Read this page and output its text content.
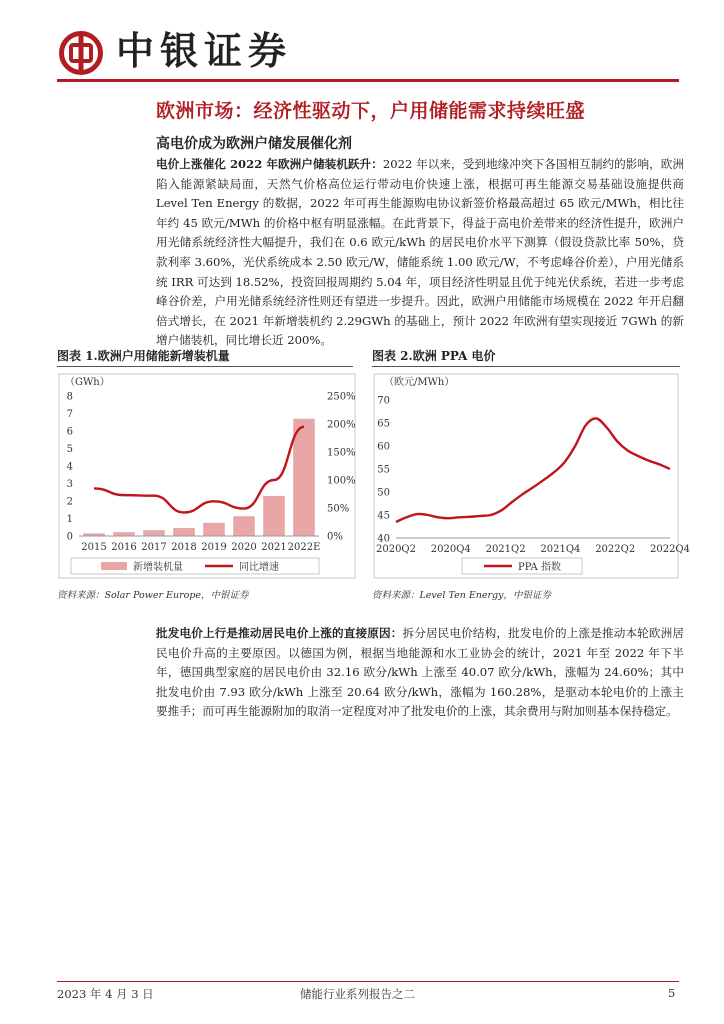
中银证券
欧洲市场：经济性驱动下，户用储能需求持续旺盛
高电价成为欧洲户储发展催化剂
电价上涨催化 2022 年欧洲户储装机跃升：2022 年以来，受到地缘冲突下各国相互制约的影响，欧洲陷入能源紧缺局面，天然气价格高位运行带动电价快速上涨，根据可再生能源交易基础设施提供商 Level Ten Energy 的数据，2022 年可再生能源购电协议新签价格最高超过 65 欧元/MWh，相比往年约 45 欧元/MWh 的价格中枢有明显涨幅。在此背景下，得益于高电价差带来的经济性提升，欧洲户用光储系统经济性大幅提升，我们在 0.6 欧元/kWh 的居民电价水平下测算（假设贷款比率 50%，贷款利率 3.60%，光伏系统成本 2.50 欧元/W，储能系统 1.00 欧元/W，不考虑峰谷价差），户用光储系统 IRR 可达到 18.52%，投资回报周期约 5.04 年，项目经济性明显且优于纯光伏系统，若进一步考虑峰谷价差，户用光储系统经济性则还有望进一步提升。因此，欧洲户用储能市场规模在 2022 年开启翻倍式增长，在 2021 年新增装机约 2.29GWh 的基础上，预计 2022 年欧洲有望实现接近 7GWh 的新增户储装机，同比增长近 200%。
图表 1.欧洲户用储能新增装机量
（GWh）
0
1
2
3
4
5
6
7
8
0%
50%
100%
150%
200%
250%
2015 2016 2017 2018 2019 2020 2021 2022E
新增装机量	同比增速
资料来源：Solar Power Europe，中银证券
图表 2.欧洲 PPA 电价
（欧元/MWh）
40
45
50
55
60
65
70
2020Q2 2020Q4 2021Q2 2021Q4 2022Q2 2022Q4
PPA 指数
资料来源：Level Ten Energy，中银证券
批发电价上行是推动居民电价上涨的直接原因：拆分居民电价结构，批发电价的上涨是推动本轮欧洲居民电价升高的主要原因。以德国为例，根据当地能源和水工业协会的统计，2021 年至 2022 年下半年，德国典型家庭的居民电价由 32.16 欧分/kWh 上涨至 40.07 欧分/kWh，涨幅为 24.60%；其中批发电价由 7.93 欧分/kWh 上涨至 20.64 欧分/kWh，涨幅为 160.28%，是驱动本轮电价的上涨主要推手；而可再生能源附加的取消一定程度对冲了批发电价的上涨，其余费用与附加则基本保持稳定。
2023 年 4 月 3 日	储能行业系列报告之二	5
